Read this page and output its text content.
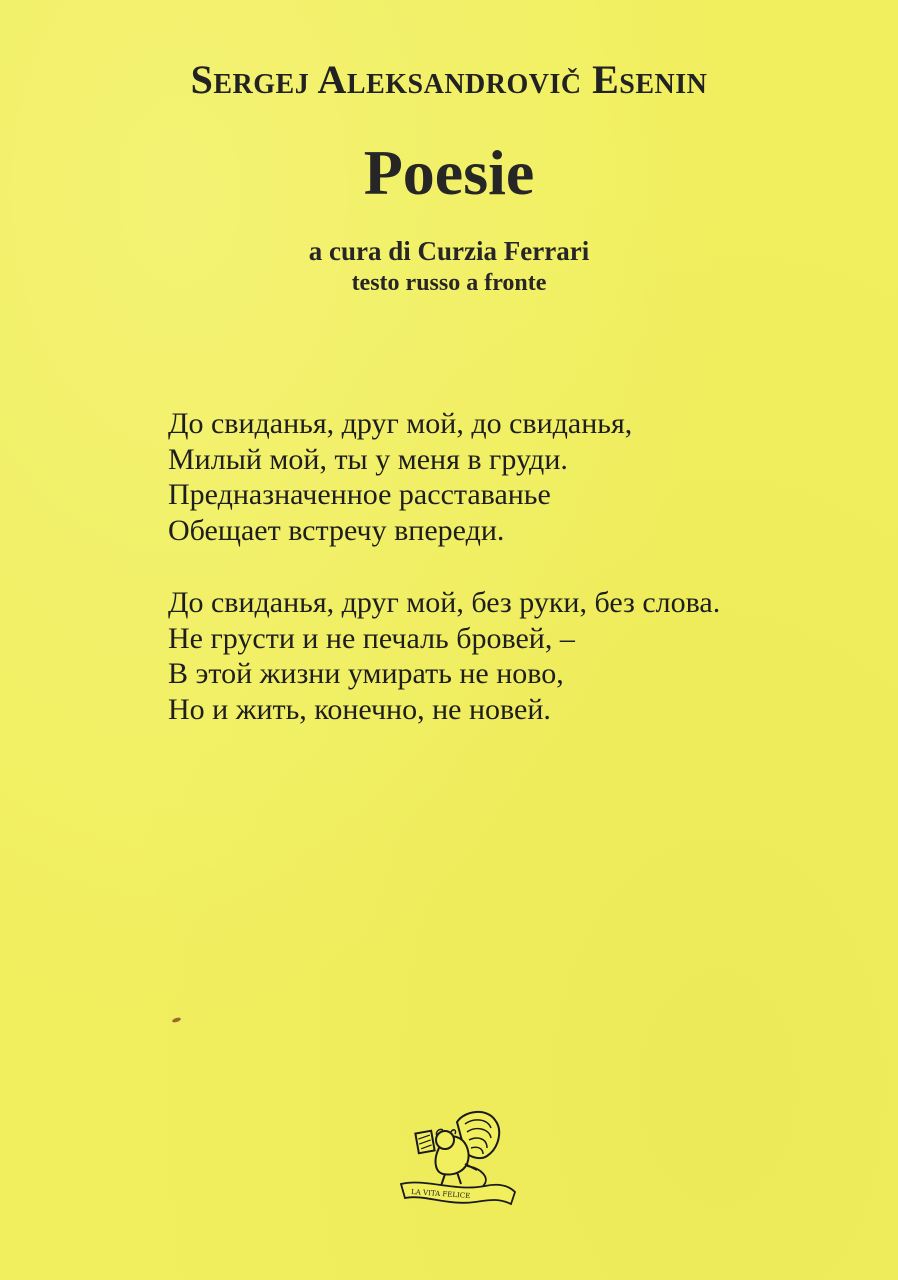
Sergej Aleksandrovič Esenin
Poesie
a cura di Curzia Ferrari
testo russo a fronte
До свиданья, друг мой, до свиданья,
Милый мой, ты у меня в груди.
Предназначенное расставанье
Обещает встречу впереди.
До свиданья, друг мой, без руки, без слова.
Не грусти и не печаль бровей, –
В этой жизни умирать не ново,
Но и жить, конечно, не новей.
LA VITA FELICE
